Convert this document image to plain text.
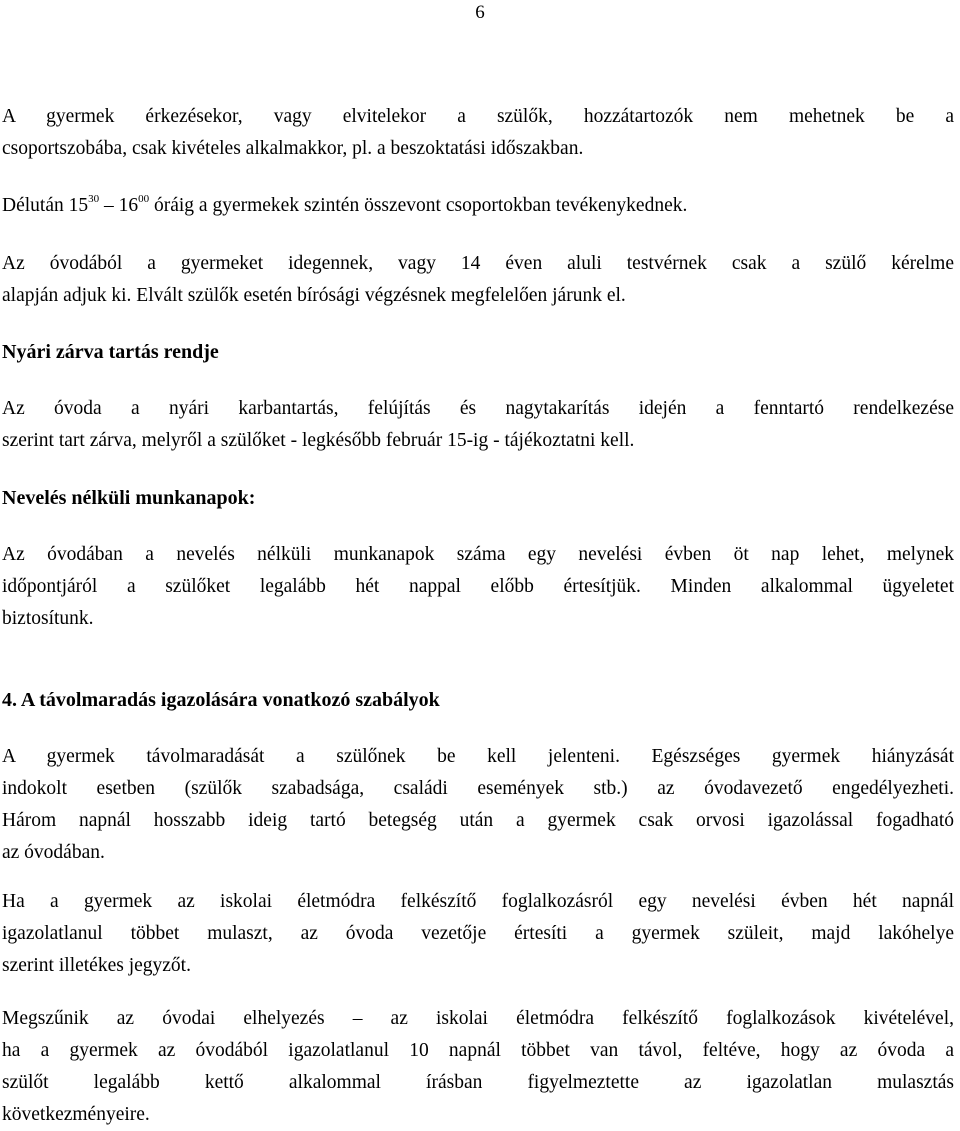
6
A gyermek érkezésekor, vagy elvitelekor a szülők, hozzátartozók nem mehetnek be a
csoportszobába, csak kivételes alkalmakkor, pl. a beszoktatási időszakban.
Délután $15^{30} - 16^{00}$ óráig a gyermekek szintén összevont csoportokban tevékenykednek.
Az óvodából a gyermeket idegennek, vagy 14 éven aluli testvérnek csak a szülő kérelme
alapján adjuk ki. Elvált szülők esetén bírósági végzésnek megfelelően járunk el.
Nyári zárva tartás rendje
Az óvoda a nyári karbantartás, felújítás és nagytakarítás idején a fenntartó rendelkezése
szerint tart zárva, melyről a szülőket - legkésőbb február 15-ig - tájékoztatni kell.
Nevelés nélküli munkanapok:
Az óvodában a nevelés nélküli munkanapok száma egy nevelési évben öt nap lehet, melynek
időpontjáról a szülőket legalább hét nappal előbb értesítjük. Minden alkalommal ügyeletet
biztosítunk.
4. A távolmaradás igazolására vonatkozó szabályok
A gyermek távolmaradását a szülőnek be kell jelenteni. Egészséges gyermek hiányzását
indokolt esetben (szülők szabadsága, családi események stb.) az óvodavezető engedélyezheti.
Három napnál hosszabb ideig tartó betegség után a gyermek csak orvosi igazolással fogadható
az óvodában.
Ha a gyermek az iskolai életmódra felkészítő foglalkozásról egy nevelési évben hét napnál
igazolatlanul többet mulaszt, az óvoda vezetője értesíti a gyermek szüleit, majd lakóhelye
szerint illetékes jegyzőt.
Megszűnik az óvodai elhelyezés – az iskolai életmódra felkészítő foglalkozások kivételével,
ha a gyermek az óvodából igazolatlanul 10 napnál többet van távol, feltéve, hogy az óvoda a
szülőt legalább kettő alkalommal írásban figyelmeztette az igazolatlan mulasztás
következményeire.
